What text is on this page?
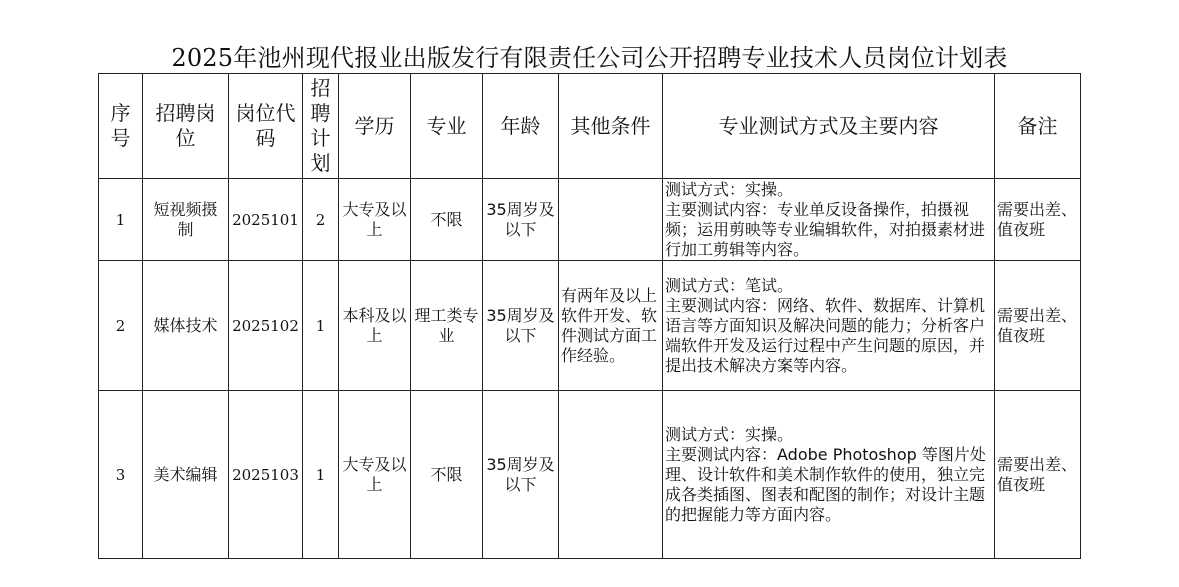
2025年池州现代报业出版发行有限责任公司公开招聘专业技术人员岗位计划表
序号	招聘岗位	岗位代码	招聘计划	学历	专业	年龄	其他条件	专业测试方式及主要内容	备注
1	短视频摄制	2025101	2	大专及以上	不限	35周岁及以下		测试方式：实操。
主要测试内容：专业单反设备操作，拍摄视频；运用剪映等专业编辑软件，对拍摄素材进行加工剪辑等内容。	需要出差、值夜班
2	媒体技术	2025102	1	本科及以上	理工类专业	35周岁及以下	有两年及以上软件开发、软件测试方面工作经验。	测试方式：笔试。
主要测试内容：网络、软件、数据库、计算机语言等方面知识及解决问题的能力；分析客户端软件开发及运行过程中产生问题的原因，并提出技术解决方案等内容。	需要出差、值夜班
3	美术编辑	2025103	1	大专及以上	不限	35周岁及以下		测试方式：实操。
主要测试内容：Adobe Photoshop 等图片处理、设计软件和美术制作软件的使用，独立完成各类插图、图表和配图的制作；对设计主题的把握能力等方面内容。	需要出差、值夜班
